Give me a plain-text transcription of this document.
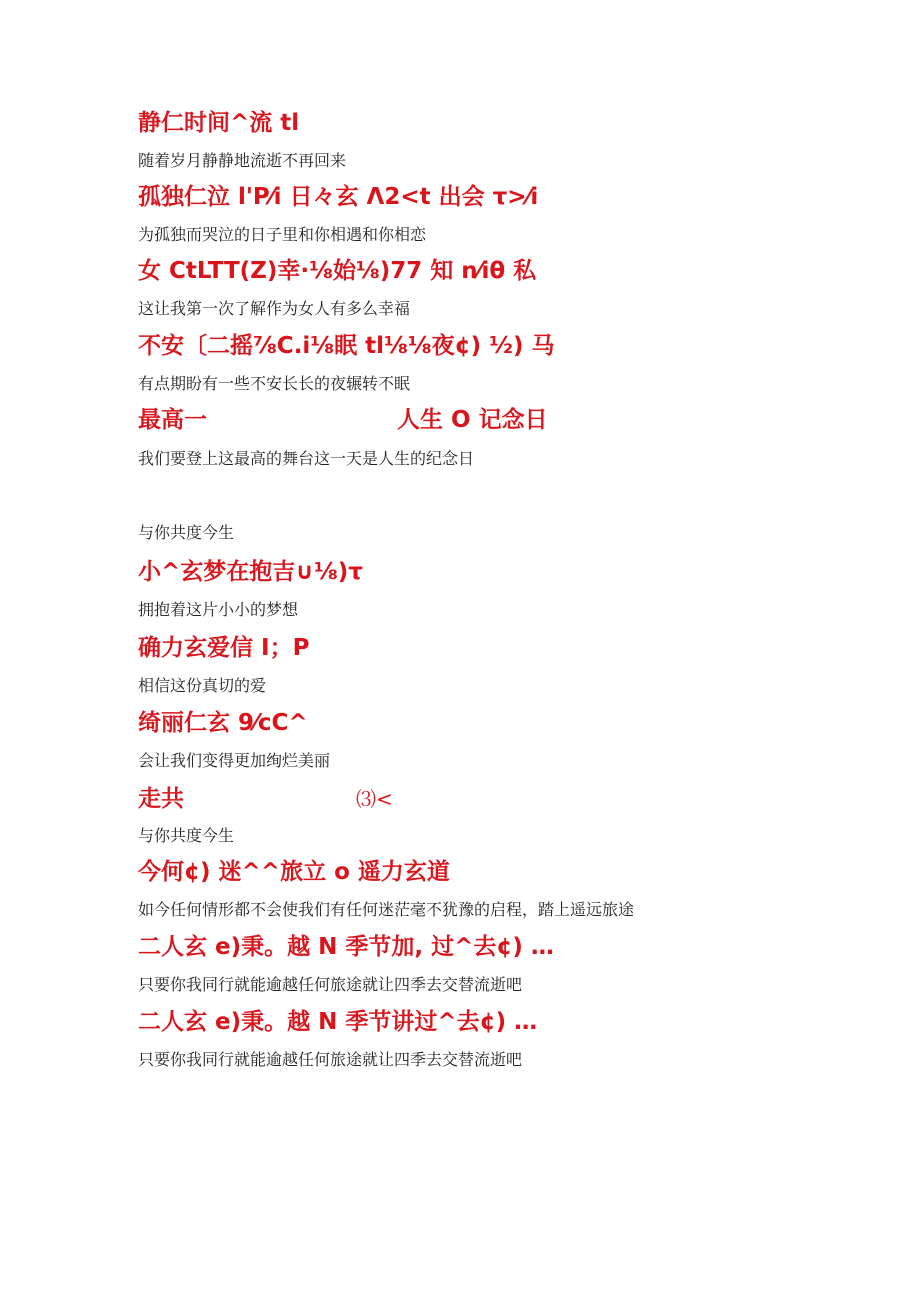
静仁时间^流 tl
随着岁月静静地流逝不再回来
孤独仁泣 l'P⁄i 日々玄 Λ2<t 出会 τ>⁄i
为孤独而哭泣的日子里和你相遇和你相恋
女 CtLTT(Z)幸·⅛始⅛)77 知 n⁄iθ 私
这让我第一次了解作为女人有多么幸福
不安〔二摇⅞C.i⅛眠 tl⅛⅛夜¢) ½) 马
有点期盼有一些不安长长的夜辗转不眠
最高一	人生 O 记念日
我们要登上这最高的舞台这一天是人生的纪念日
与你共度今生
小^玄梦在抱吉∪⅛)τ
拥抱着这片小小的梦想
确力玄爱信 I；P
相信这份真切的爱
绮丽仁玄 9⁄cC^
会让我们变得更加绚烂美丽
走共	⑶<
与你共度今生
今何¢) 迷^^旅立 o 遥力玄道
如今任何情形都不会使我们有任何迷茫毫不犹豫的启程，踏上遥远旅途
二人玄 e)秉。越 N 季节加, 过^去¢) …
只要你我同行就能逾越任何旅途就让四季去交替流逝吧
二人玄 e)秉。越 N 季节讲过^去¢) …
只要你我同行就能逾越任何旅途就让四季去交替流逝吧
